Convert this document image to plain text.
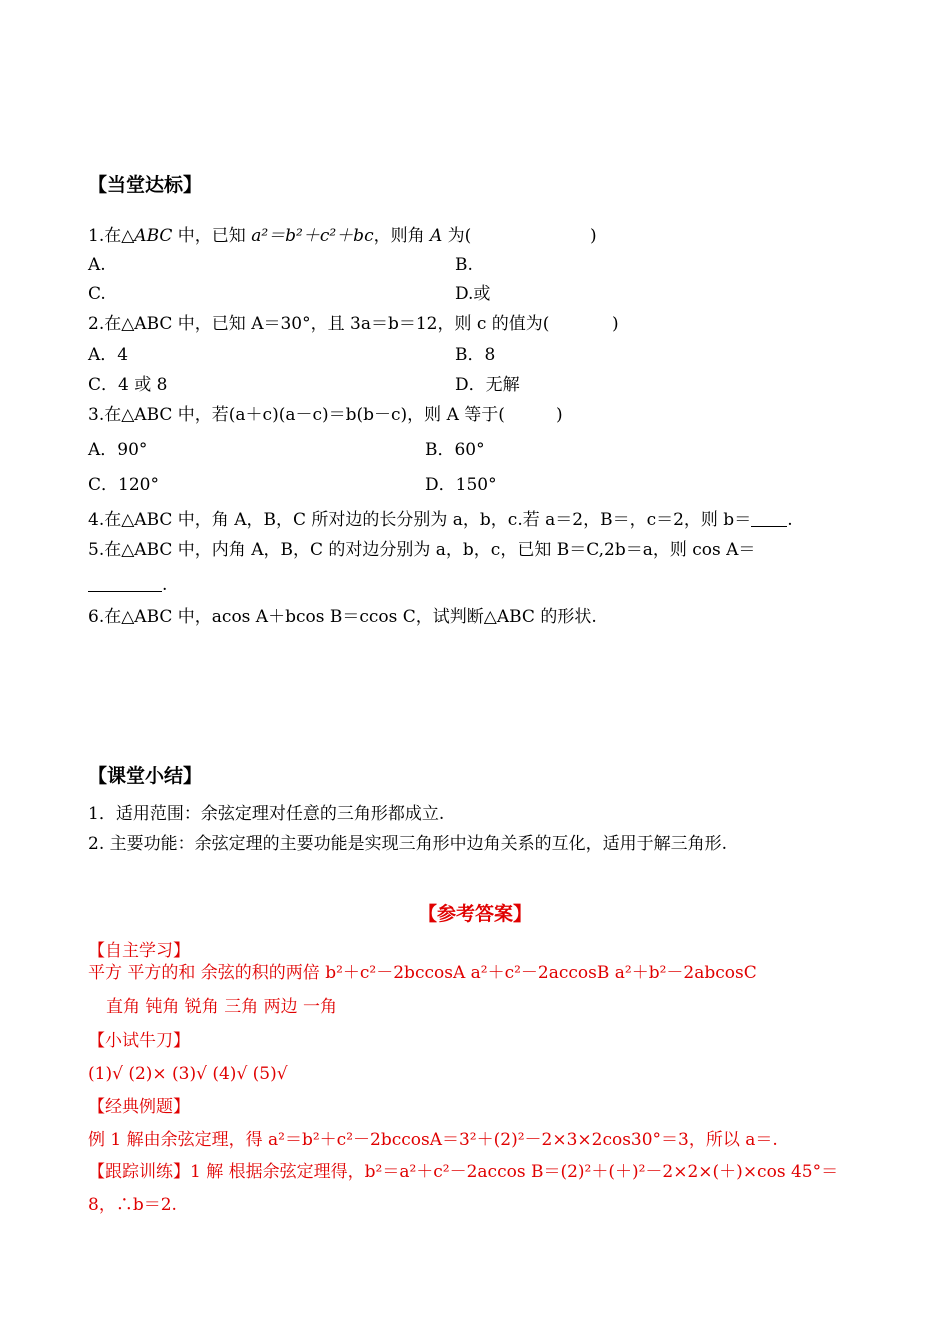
【当堂达标】
1.在△ABC 中，已知 a²＝b²＋c²＋bc，则角 A 为(	)
A.	B.
C.	D.或
2.在△ABC 中，已知 A＝30°，且 3a＝b＝12，则 c 的值为(	)
A．4	B．8
C．4 或 8	D．无解
3.在△ABC 中，若(a＋c)(a－c)＝b(b－c)，则 A 等于(	)
A．90°	B．60°
C．120°	D．150°
4.在△ABC 中，角 A，B，C 所对边的长分别为 a，b，c.若 a＝2，B＝，c＝2，则 b＝ .
5.在△ABC 中，内角 A，B，C 的对边分别为 a，b，c，已知 B＝C,2b＝a，则 cos A＝
.
6.在△ABC 中，acos A＋bcos B＝ccos C，试判断△ABC 的形状.
【课堂小结】
1．适用范围：余弦定理对任意的三角形都成立.
2. 主要功能：余弦定理的主要功能是实现三角形中边角关系的互化，适用于解三角形.
【参考答案】
【自主学习】
平方 平方的和 余弦的积的两倍 b²＋c²－2bccosA a²＋c²－2accosB a²＋b²－2abcosC
直角 钝角 锐角 三角 两边 一角
【小试牛刀】
(1)√ (2)× (3)√ (4)√ (5)√
【经典例题】
例 1 解由余弦定理，得 a²＝b²＋c²－2bccosA＝3²＋(2)²－2×3×2cos30°＝3，所以 a＝.
【跟踪训练】1 解 根据余弦定理得，b²＝a²＋c²－2accos B＝(2)²＋(＋)²－2×2×(＋)×cos 45°＝
8，∴b＝2.
